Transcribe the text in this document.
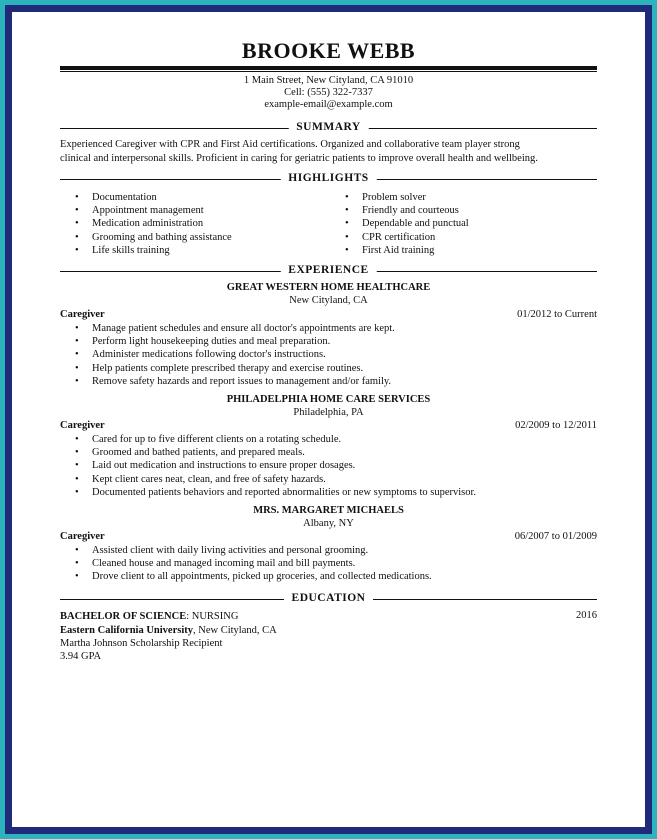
BROOKE WEBB
1 Main Street, New Cityland, CA 91010
Cell: (555) 322-7337
example-email@example.com
SUMMARY
Experienced Caregiver with CPR and First Aid certifications. Organized and collaborative team player strong
clinical and interpersonal skills. Proficient in caring for geriatric patients to improve overall health and wellbeing.
HIGHLIGHTS
• Documentation
• Appointment management
• Medication administration
• Grooming and bathing assistance
• Life skills training
• Problem solver
• Friendly and courteous
• Dependable and punctual
• CPR certification
• First Aid training
EXPERIENCE
GREAT WESTERN HOME HEALTHCARE
New Cityland, CA
Caregiver	01/2012 to Current
• Manage patient schedules and ensure all doctor's appointments are kept.
• Perform light housekeeping duties and meal preparation.
• Administer medications following doctor's instructions.
• Help patients complete prescribed therapy and exercise routines.
• Remove safety hazards and report issues to management and/or family.
PHILADELPHIA HOME CARE SERVICES
Philadelphia, PA
Caregiver	02/2009 to 12/2011
• Cared for up to five different clients on a rotating schedule.
• Groomed and bathed patients, and prepared meals.
• Laid out medication and instructions to ensure proper dosages.
• Kept client cares neat, clean, and free of safety hazards.
• Documented patients behaviors and reported abnormalities or new symptoms to supervisor.
MRS. MARGARET MICHAELS
Albany, NY
Caregiver	06/2007 to 01/2009
• Assisted client with daily living activities and personal grooming.
• Cleaned house and managed incoming mail and bill payments.
• Drove client to all appointments, picked up groceries, and collected medications.
EDUCATION
BACHELOR OF SCIENCE: NURSING	2016
Eastern California University, New Cityland, CA
Martha Johnson Scholarship Recipient
3.94 GPA
